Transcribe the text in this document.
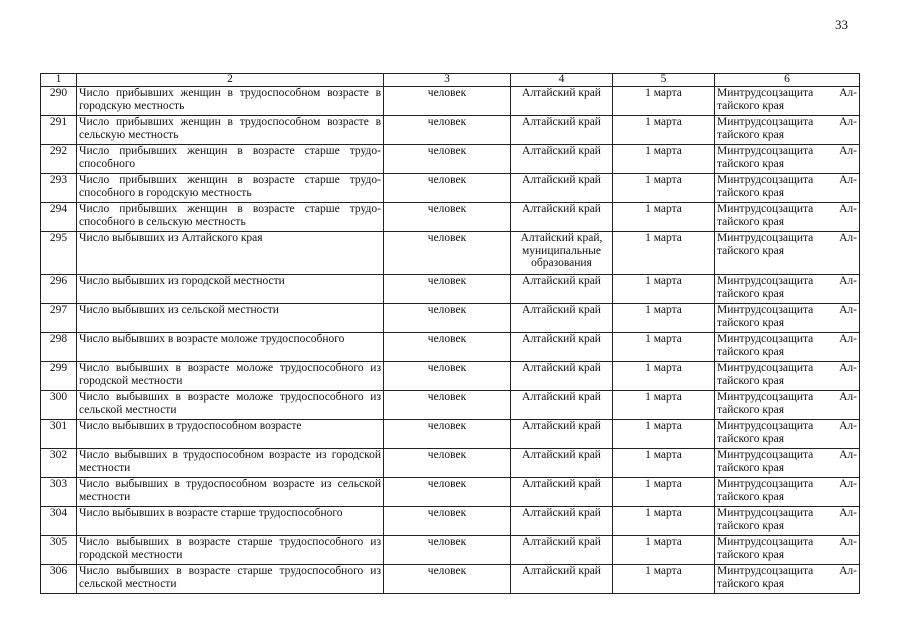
33
1	2	3	4	5	6
290	Число прибывших женщин в трудоспособном возрасте в городскую местность	человек	Алтайский край	1 марта	Минтрудсоцзащита Алтайского края
291	Число прибывших женщин в трудоспособном возрасте в сельскую местность	человек	Алтайский край	1 марта	Минтрудсоцзащита Алтайского края
292	Число прибывших женщин в возрасте старше трудоспособного	человек	Алтайский край	1 марта	Минтрудсоцзащита Алтайского края
293	Число прибывших женщин в возрасте старше трудоспособного в городскую местность	человек	Алтайский край	1 марта	Минтрудсоцзащита Алтайского края
294	Число прибывших женщин в возрасте старше трудоспособного в сельскую местность	человек	Алтайский край	1 марта	Минтрудсоцзащита Алтайского края
295	Число выбывших из Алтайского края	человек	Алтайский край, муниципальные образования	1 марта	Минтрудсоцзащита Алтайского края
296	Число выбывших из городской местности	человек	Алтайский край	1 марта	Минтрудсоцзащита Алтайского края
297	Число выбывших из сельской местности	человек	Алтайский край	1 марта	Минтрудсоцзащита Алтайского края
298	Число выбывших в возрасте моложе трудоспособного	человек	Алтайский край	1 марта	Минтрудсоцзащита Алтайского края
299	Число выбывших в возрасте моложе трудоспособного из городской местности	человек	Алтайский край	1 марта	Минтрудсоцзащита Алтайского края
300	Число выбывших в возрасте моложе трудоспособного из сельской местности	человек	Алтайский край	1 марта	Минтрудсоцзащита Алтайского края
301	Число выбывших в трудоспособном возрасте	человек	Алтайский край	1 марта	Минтрудсоцзащита Алтайского края
302	Число выбывших в трудоспособном возрасте из городской местности	человек	Алтайский край	1 марта	Минтрудсоцзащита Алтайского края
303	Число выбывших в трудоспособном возрасте из сельской местности	человек	Алтайский край	1 марта	Минтрудсоцзащита Алтайского края
304	Число выбывших в возрасте старше трудоспособного	человек	Алтайский край	1 марта	Минтрудсоцзащита Алтайского края
305	Число выбывших в возрасте старше трудоспособного из городской местности	человек	Алтайский край	1 марта	Минтрудсоцзащита Алтайского края
306	Число выбывших в возрасте старше трудоспособного из сельской местности	человек	Алтайский край	1 марта	Минтрудсоцзащита Алтайского края
